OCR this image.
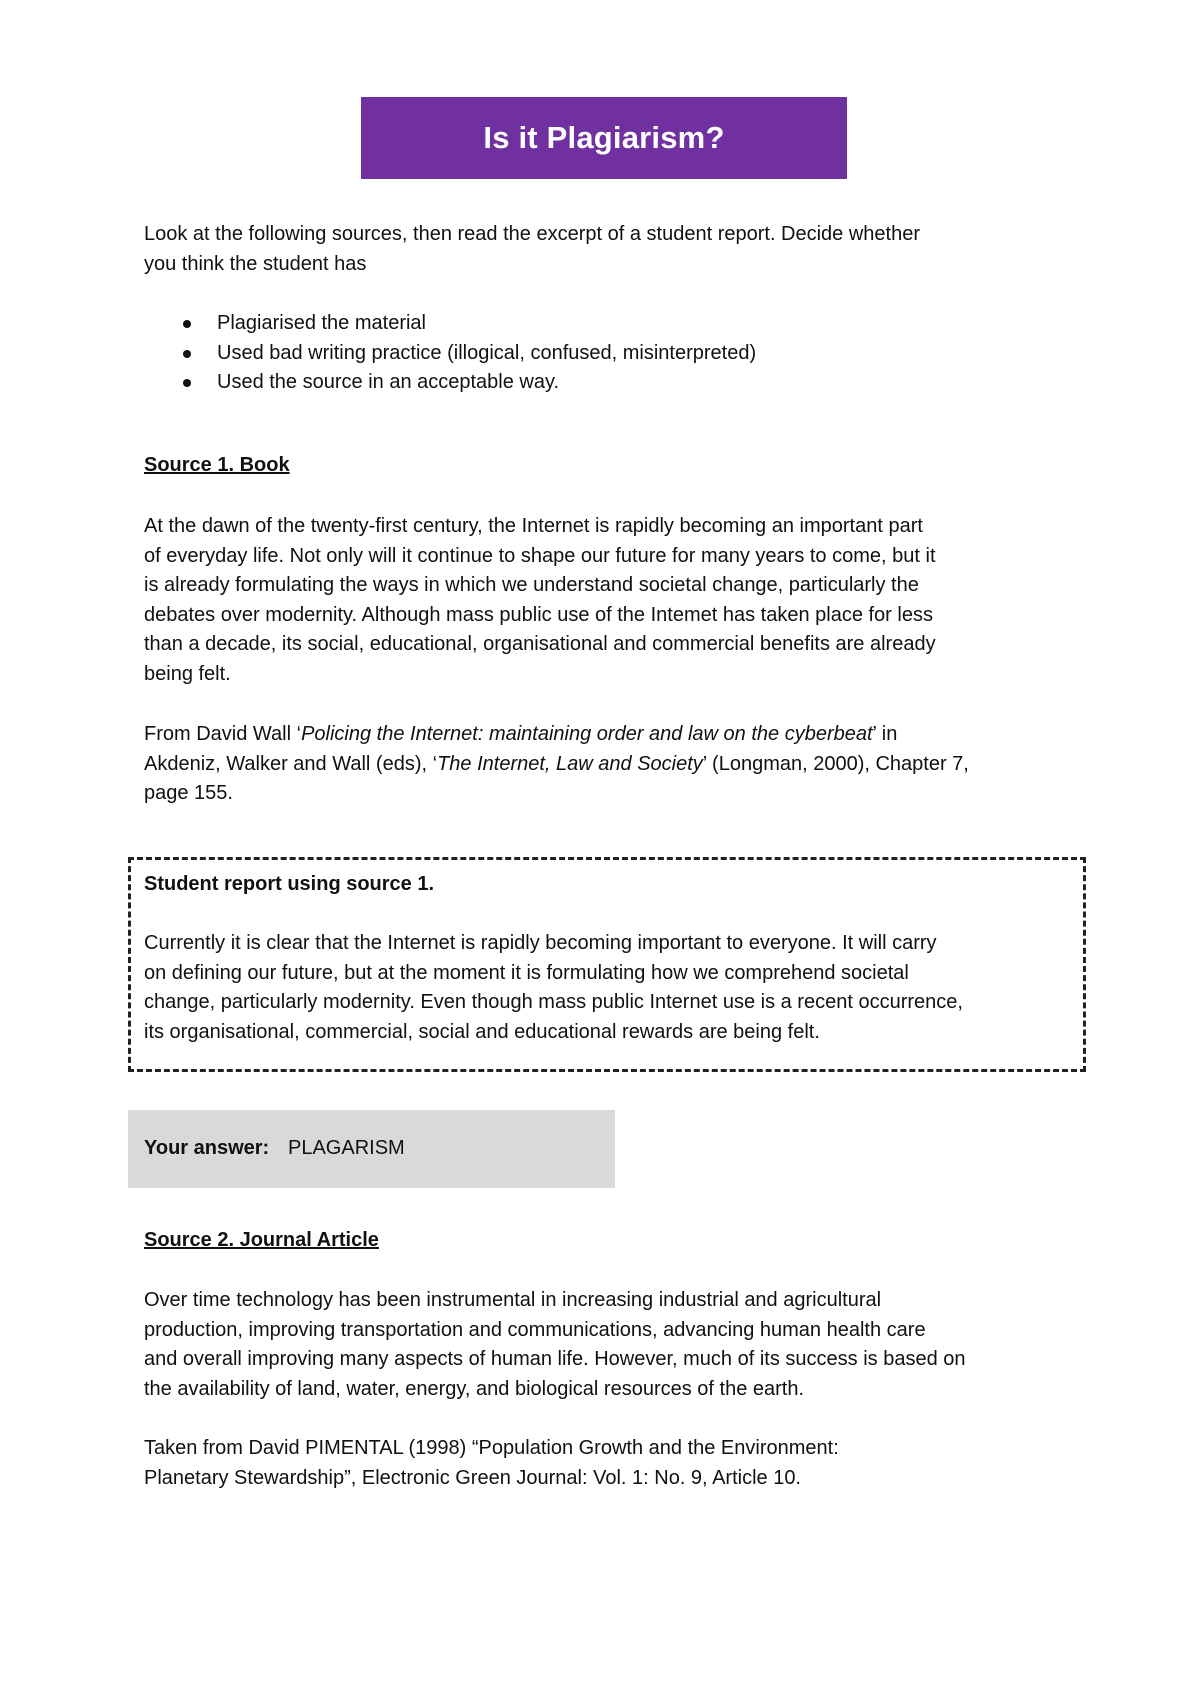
Is it Plagiarism?
Look at the following sources, then read the excerpt of a student report. Decide whether
you think the student has
Plagiarised the material
Used bad writing practice (illogical, confused, misinterpreted)
Used the source in an acceptable way.
Source 1. Book
At the dawn of the twenty-first century, the Internet is rapidly becoming an important part
of everyday life. Not only will it continue to shape our future for many years to come, but it
is already formulating the ways in which we understand societal change, particularly the
debates over modernity. Although mass public use of the Intemet has taken place for less
than a decade, its social, educational, organisational and commercial benefits are already
being felt.
From David Wall ‘Policing the Internet: maintaining order and law on the cyberbeat’ in
Akdeniz, Walker and Wall (eds), ‘The Internet, Law and Society’ (Longman, 2000), Chapter 7,
page 155.
Student report using source 1.
Currently it is clear that the Internet is rapidly becoming important to everyone. It will carry
on defining our future, but at the moment it is formulating how we comprehend societal
change, particularly modernity. Even though mass public Internet use is a recent occurrence,
its organisational, commercial, social and educational rewards are being felt.
Your answer: PLAGARISM
Source 2. Journal Article
Over time technology has been instrumental in increasing industrial and agricultural
production, improving transportation and communications, advancing human health care
and overall improving many aspects of human life. However, much of its success is based on
the availability of land, water, energy, and biological resources of the earth.
Taken from David PIMENTAL (1998) “Population Growth and the Environment:
Planetary Stewardship”, Electronic Green Journal: Vol. 1: No. 9, Article 10.
